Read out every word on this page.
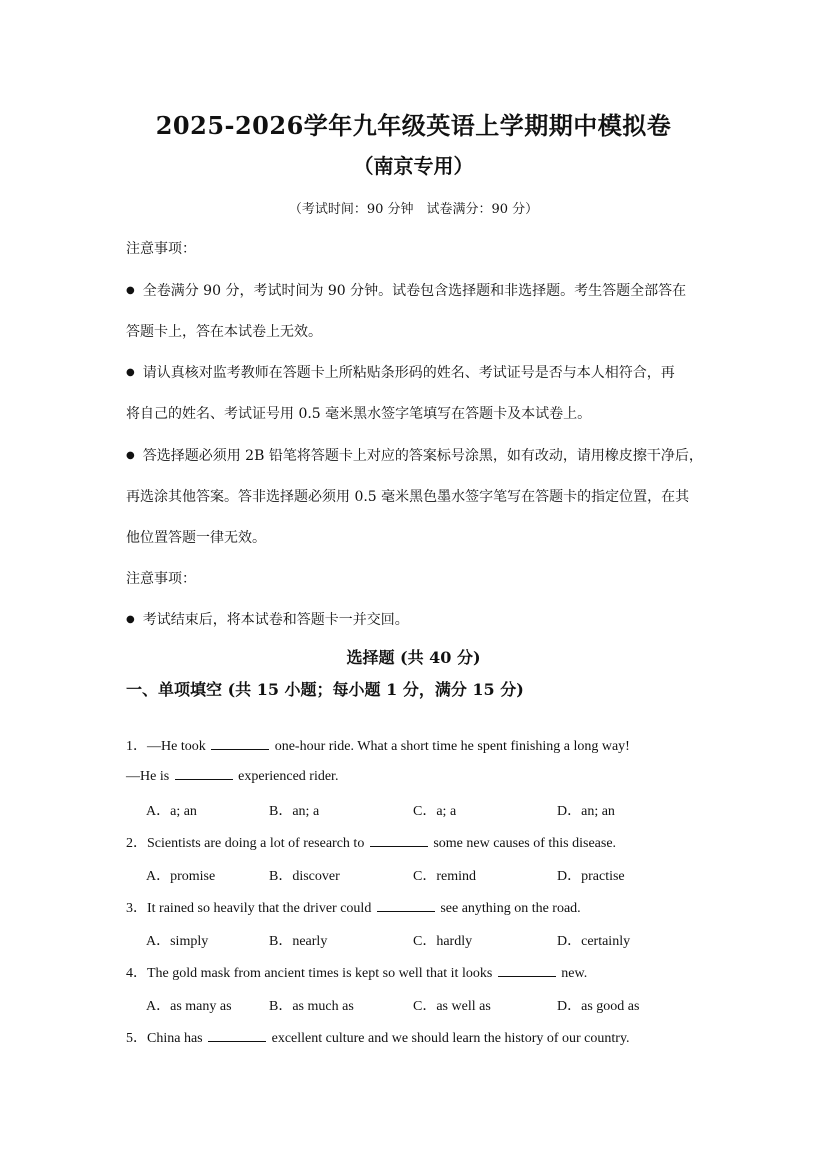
2025-2026学年九年级英语上学期期中模拟卷
（南京专用）
（考试时间：90 分钟　试卷满分：90 分）
注意事项：
● 全卷满分 90 分，考试时间为 90 分钟。试卷包含选择题和非选择题。考生答题全部答在
答题卡上，答在本试卷上无效。
● 请认真核对监考教师在答题卡上所粘贴条形码的姓名、考试证号是否与本人相符合，再
将自己的姓名、考试证号用 0.5 毫米黑水签字笔填写在答题卡及本试卷上。
● 答选择题必须用 2B 铅笔将答题卡上对应的答案标号涂黑，如有改动，请用橡皮擦干净后，
再选涂其他答案。答非选择题必须用 0.5 毫米黑色墨水签字笔写在答题卡的指定位置，在其
他位置答题一律无效。
注意事项：
● 考试结束后，将本试卷和答题卡一并交回。
选择题 (共 40 分)
一、单项填空 (共 15 小题；每小题 1 分，满分 15 分)
1．—He took	one-hour ride. What a short time he spent finishing a long way!
—He is	experienced rider.
A．a; an	B．an; a	C．a; a	D．an; an
2．Scientists are doing a lot of research to	some new causes of this disease.
A．promise	B．discover	C．remind	D．practise
3．It rained so heavily that the driver could	see anything on the road.
A．simply	B．nearly	C．hardly	D．certainly
4．The gold mask from ancient times is kept so well that it looks	new.
A．as many as	B．as much as	C．as well as	D．as good as
5．China has	excellent culture and we should learn the history of our country.
